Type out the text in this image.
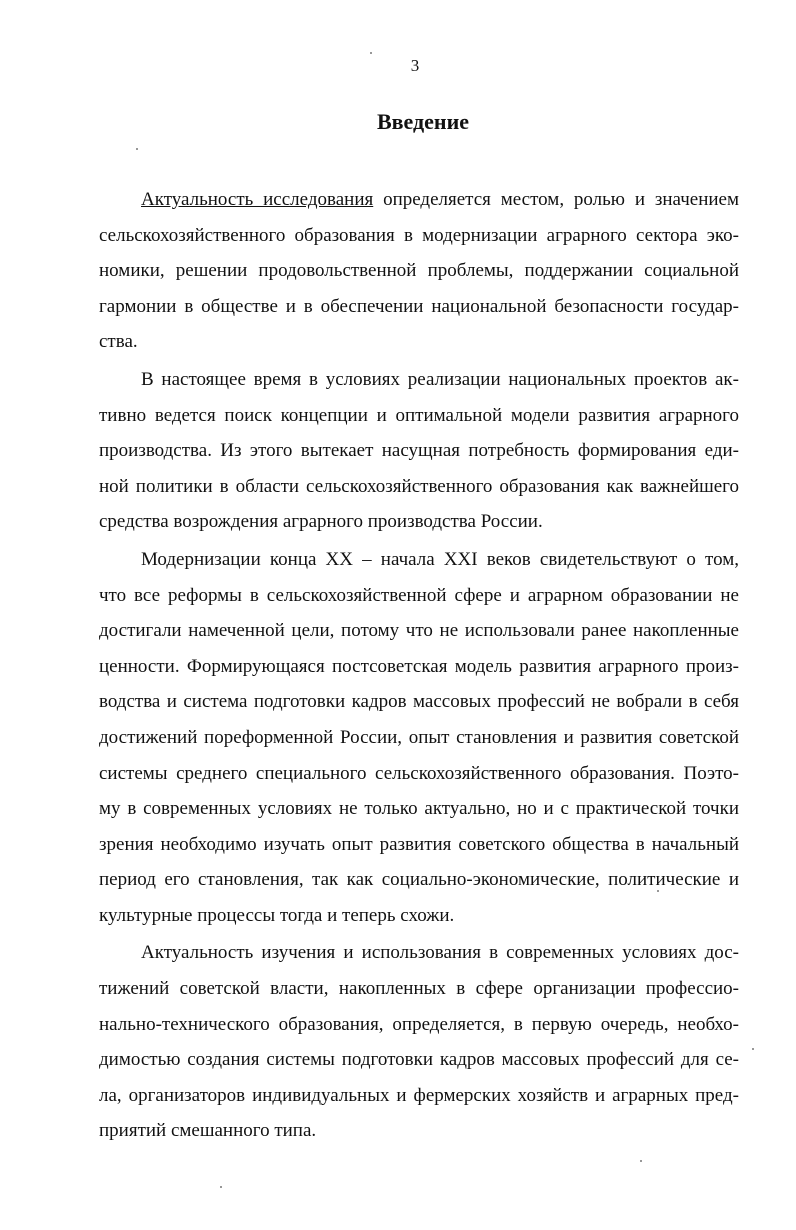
3
Введение
Актуальность исследования определяется местом, ролью и значением
сельскохозяйственного образования в модернизации аграрного сектора эко-
номики, решении продовольственной проблемы, поддержании социальной
гармонии в обществе и в обеспечении национальной безопасности государ-
ства.
В настоящее время в условиях реализации национальных проектов ак-
тивно ведется поиск концепции и оптимальной модели развития аграрного
производства. Из этого вытекает насущная потребность формирования еди-
ной политики в области сельскохозяйственного образования как важнейшего
средства возрождения аграрного производства России.
Модернизации конца XX – начала XXI веков свидетельствуют о том,
что все реформы в сельскохозяйственной сфере и аграрном образовании не
достигали намеченной цели, потому что не использовали ранее накопленные
ценности. Формирующаяся постсоветская модель развития аграрного произ-
водства и система подготовки кадров массовых профессий не вобрали в себя
достижений пореформенной России, опыт становления и развития советской
системы среднего специального сельскохозяйственного образования. Поэто-
му в современных условиях не только актуально, но и с практической точки
зрения необходимо изучать опыт развития советского общества в начальный
период его становления, так как социально-экономические, политические и
культурные процессы тогда и теперь схожи.
Актуальность изучения и использования в современных условиях дос-
тижений советской власти, накопленных в сфере организации профессио-
нально-технического образования, определяется, в первую очередь, необхо-
димостью создания системы подготовки кадров массовых профессий для се-
ла, организаторов индивидуальных и фермерских хозяйств и аграрных пред-
приятий смешанного типа.
